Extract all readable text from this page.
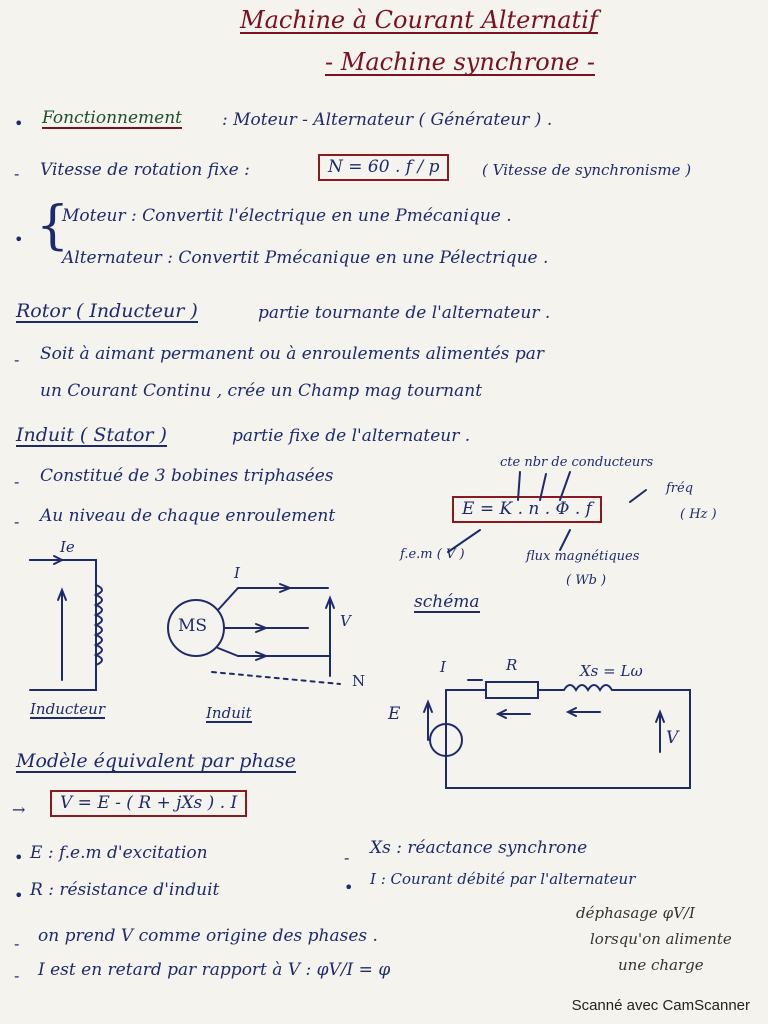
Machine à Courant Alternatif
- Machine synchrone -
• Fonctionnement : Moteur - Alternateur ( Générateur ) .
- Vitesse de rotation fixe :	N = 60 . f / p	( Vitesse de synchronisme )
• {
Moteur : Convertit l'électrique en une Pmécanique .
Alternateur : Convertit Pmécanique en une Pélectrique .
Rotor ( Inducteur )	partie tournante de l'alternateur .
- Soit à aimant permanent ou à enroulements alimentés par
un Courant Continu , crée un Champ mag tournant
Induit ( Stator )	partie fixe de l'alternateur .
- Constitué de 3 bobines triphasées
cte nbr de conducteurs
- Au niveau de chaque enroulement	E = K . n . Φ . f
fréq
( Hz )
f.e.m ( V )	flux magnétiques
( Wb )
Ie
I
MS	V
N
Inducteur	Induit
schéma
I	R	Xs = Lω
E
V
Modèle équivalent par phase
→	V = E - ( R + jXs ) . I
• E : f.e.m d'excitation
• R : résistance d'induit
- Xs : réactance synchrone
• I : Courant débité par l'alternateur
- on prend V comme origine des phases .
- I est en retard par rapport à V : φV/I = φ
déphasage φV/I
lorsqu'on alimente
une charge
Scanné avec CamScanner
